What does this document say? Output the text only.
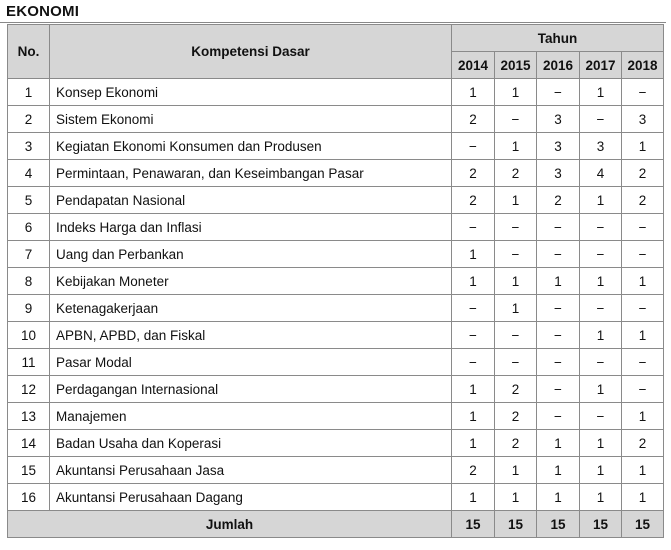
EKONOMI
No.	Kompetensi Dasar	Tahun				
		2014	2015	2016	2017	2018
1	Konsep Ekonomi	1	1	−	1	−
2	Sistem Ekonomi	2	−	3	−	3
3	Kegiatan Ekonomi Konsumen dan Produsen	−	1	3	3	1
4	Permintaan, Penawaran, dan Keseimbangan Pasar	2	2	3	4	2
5	Pendapatan Nasional	2	1	2	1	2
6	Indeks Harga dan Inflasi	−	−	−	−	−
7	Uang dan Perbankan	1	−	−	−	−
8	Kebijakan Moneter	1	1	1	1	1
9	Ketenagakerjaan	−	1	−	−	−
10	APBN, APBD, dan Fiskal	−	−	−	1	1
11	Pasar Modal	−	−	−	−	−
12	Perdagangan Internasional	1	2	−	1	−
13	Manajemen	1	2	−	−	1
14	Badan Usaha dan Koperasi	1	2	1	1	2
15	Akuntansi Perusahaan Jasa	2	1	1	1	1
16	Akuntansi Perusahaan Dagang	1	1	1	1	1
Jumlah		15	15	15	15	15
